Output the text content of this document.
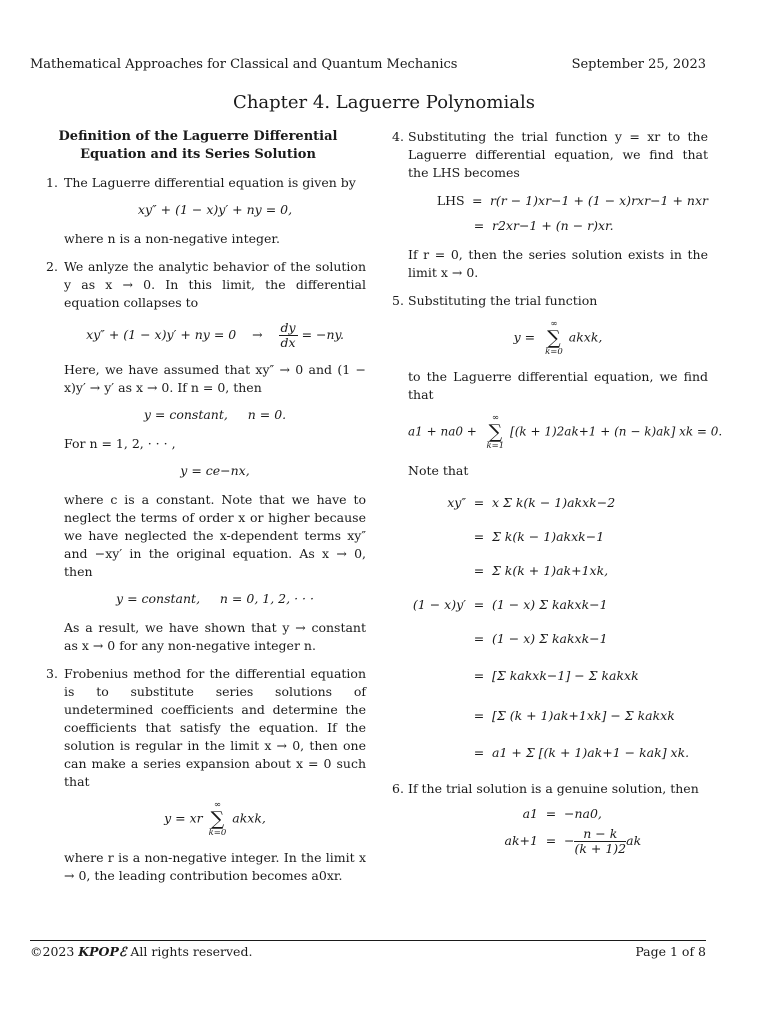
Mathematical Approaches for Classical and Quantum Mechanics	September 25, 2023
Chapter 4. Laguerre Polynomials
Definition of the Laguerre Differential Equation and its Series Solution
1. The Laguerre differential equation is given by

xy″ + (1 − x)y′ + ny = 0,

where n is a non-negative integer.

2. We anlyze the analytic behavior of the solution y as x → 0. In this limit, the differential equation collapses to

xy″ + (1 − x)y′ + ny = 0    → $\frac{dy}{dx} = -ny$.

Here, we have assumed that xy″ → 0 and (1 − x)y′ → y′ as x → 0. If n = 0, then

y = constant,     n = 0.

For n = 1, 2, · · · ,

y = ce−nx,

where c is a constant. Note that we have to neglect the terms of order x or higher because we have neglected the x-dependent terms xy″ and −xy′ in the original equation. As x → 0, then

y = constant,     n = 0, 1, 2, · · ·

As a result, we have shown that y → constant as x → 0 for any non-negative integer n.

3. Frobenius method for the differential equation is to substitute series solutions of undetermined coefficients and determine the coefficients that satisfy the equation. If the solution is regular in the limit x → 0, then one can make a series expansion about x = 0 such that

y = xr
∞
∑
k=0
akxk,

where r is a non-negative integer. In the limit x → 0, the leading contribution becomes a0xr.

4. Substituting the trial function y = xr to the Laguerre differential equation, we find that the LHS becomes

LHS = r(r − 1)xr−1 + (1 − x)rxr−1 + nxr
= r2xr−1 + (n − r)xr.

If r = 0, then the series solution exists in the limit x → 0.

5. Substituting the trial function

y =
∞
∑
k=0
akxk,

to the Laguerre differential equation, we find that

a1 + na0 +
∞
∑
k=1
[(k + 1)2ak+1 + (n − k)ak] xk = 0.

Note that

xy″ = x Σ k(k − 1)akxk−2
= Σ k(k − 1)akxk−1
= Σ k(k + 1)ak+1xk,
(1 − x)y′ = (1 − x) Σ kakxk−1
= (1 − x) Σ kakxk−1
= [Σ kakxk−1] − Σ kakxk
= [Σ (k + 1)ak+1xk] − Σ kakxk
= a1 + Σ [(k + 1)ak+1 − kak] xk.
6. If the trial solution is a genuine solution, then

a1 = −na0,
ak+1 = − $\frac{n - k}{(k + 1)2}$ ak
©2023 KPOPℰ All rights reserved.	Page 1 of 8
